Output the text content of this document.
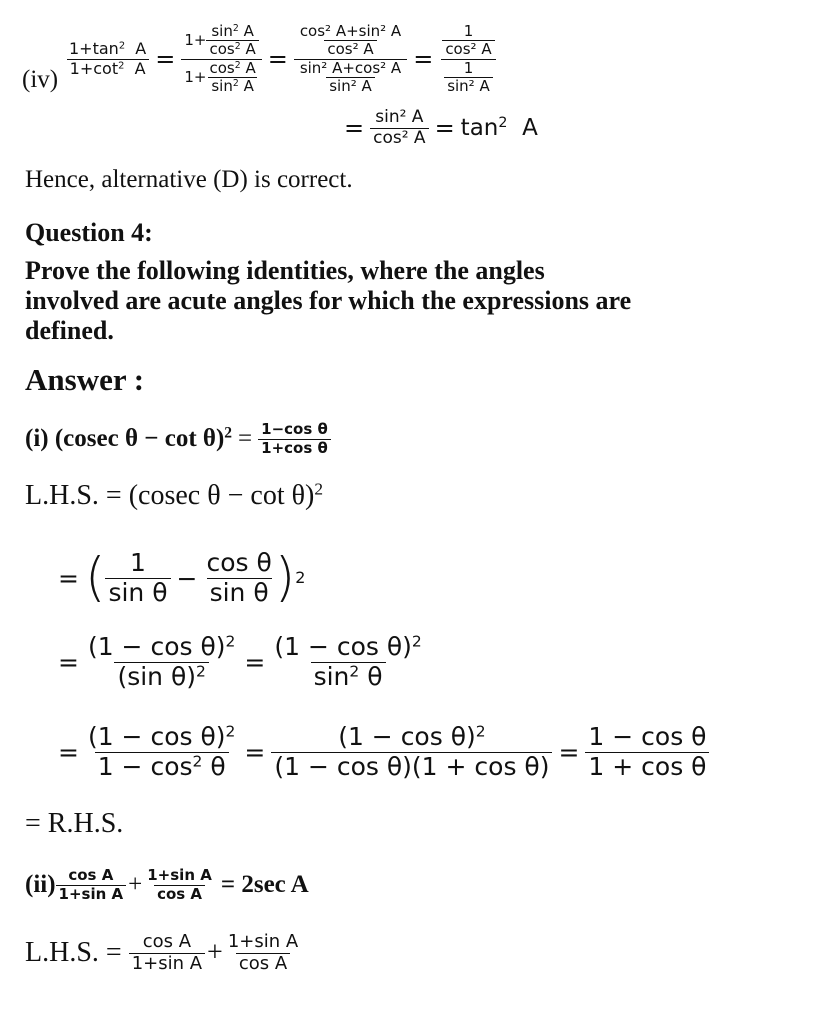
(iv)
$\frac{1+\tan^2 A}{1+\cot^2 A} = \frac{1+ \frac{\sin^2 A}{\cos^2 A}}{1+ \frac{\cos^2 A}{\sin^2 A}} = \frac{\frac{\text{cos² A+sin² A}}{\text{cos² A}}}{\frac{\text{sin² A+cos² A}}{\text{sin² A}}} = \frac{\frac{1}{\text{cos² A}}}{\frac{1}{\text{sin² A}}}$
= $\frac{\text{sin² A}}{\text{cos² A}} = \tan^2 A$
Hence, alternative (D) is correct.
Question 4:
Prove the following identities, where the angles
involved are acute angles for which the expressions are
defined.
Answer :
(i)
(cosec $\theta - \cot \theta)^2 = \frac{\text{1−cos θ}}{\text{1+cos θ}}$
L.H.S. = (cosec θ − cot θ)$^2$
= ( $\frac{1}{\text{sin θ}} - \frac{\text{cos θ}}{\text{sin θ}}$ ) 2
= $\frac{(1 - \cos \theta)^2}{(\sin \theta)^2} = \frac{(1 - \cos \theta)^2}{\sin^2 \theta}$
= $\frac{(1 - \cos \theta)^2}{1 - \cos^2 \theta} = \frac{(1 - \cos \theta)^2}{\text{(1 − cos θ)(1 + cos θ)}} = \frac{\text{1 − cos θ}}{\text{1 + cos θ}}$
= R.H.S.
$(ii) \frac{\text{cos A}}{\text{1+sin A}} + \frac{\text{1+sin A}}{\text{cos A}} = 2\sec$ A
L.H.S. =
$\frac{\text{cos A}}{\text{1+sin A}} + \frac{\text{1+sin A}}{\text{cos A}}$
